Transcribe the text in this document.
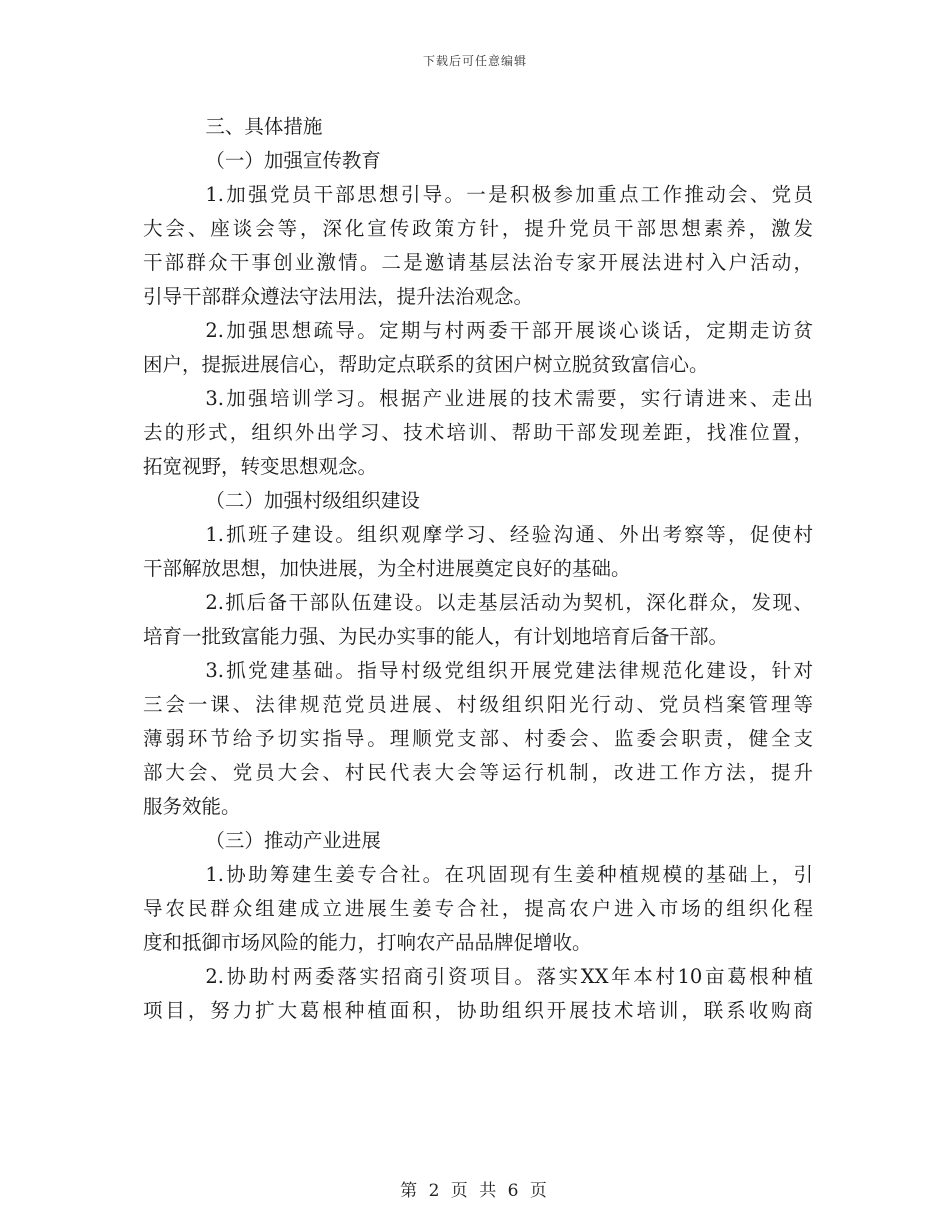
下载后可任意编辑
三、具体措施
（一）加强宣传教育
1.加强党员干部思想引导。一是积极参加重点工作推动会、党员
大会、座谈会等，深化宣传政策方针，提升党员干部思想素养，激发
干部群众干事创业激情。二是邀请基层法治专家开展法进村入户活动，
引导干部群众遵法守法用法，提升法治观念。
2.加强思想疏导。定期与村两委干部开展谈心谈话，定期走访贫
困户，提振进展信心，帮助定点联系的贫困户树立脱贫致富信心。
3.加强培训学习。根据产业进展的技术需要，实行请进来、走出
去的形式，组织外出学习、技术培训、帮助干部发现差距，找准位置，
拓宽视野，转变思想观念。
（二）加强村级组织建设
1.抓班子建设。组织观摩学习、经验沟通、外出考察等，促使村
干部解放思想，加快进展，为全村进展奠定良好的基础。
2.抓后备干部队伍建设。以走基层活动为契机，深化群众，发现、
培育一批致富能力强、为民办实事的能人，有计划地培育后备干部。
3.抓党建基础。指导村级党组织开展党建法律规范化建设，针对
三会一课、法律规范党员进展、村级组织阳光行动、党员档案管理等
薄弱环节给予切实指导。理顺党支部、村委会、监委会职责，健全支
部大会、党员大会、村民代表大会等运行机制，改进工作方法，提升
服务效能。
（三）推动产业进展
1.协助筹建生姜专合社。在巩固现有生姜种植规模的基础上，引
导农民群众组建成立进展生姜专合社，提高农户进入市场的组织化程
度和抵御市场风险的能力，打响农产品品牌促增收。
2.协助村两委落实招商引资项目。落实XX年本村10亩葛根种植
项目，努力扩大葛根种植面积，协助组织开展技术培训，联系收购商
第 2 页 共 6 页
